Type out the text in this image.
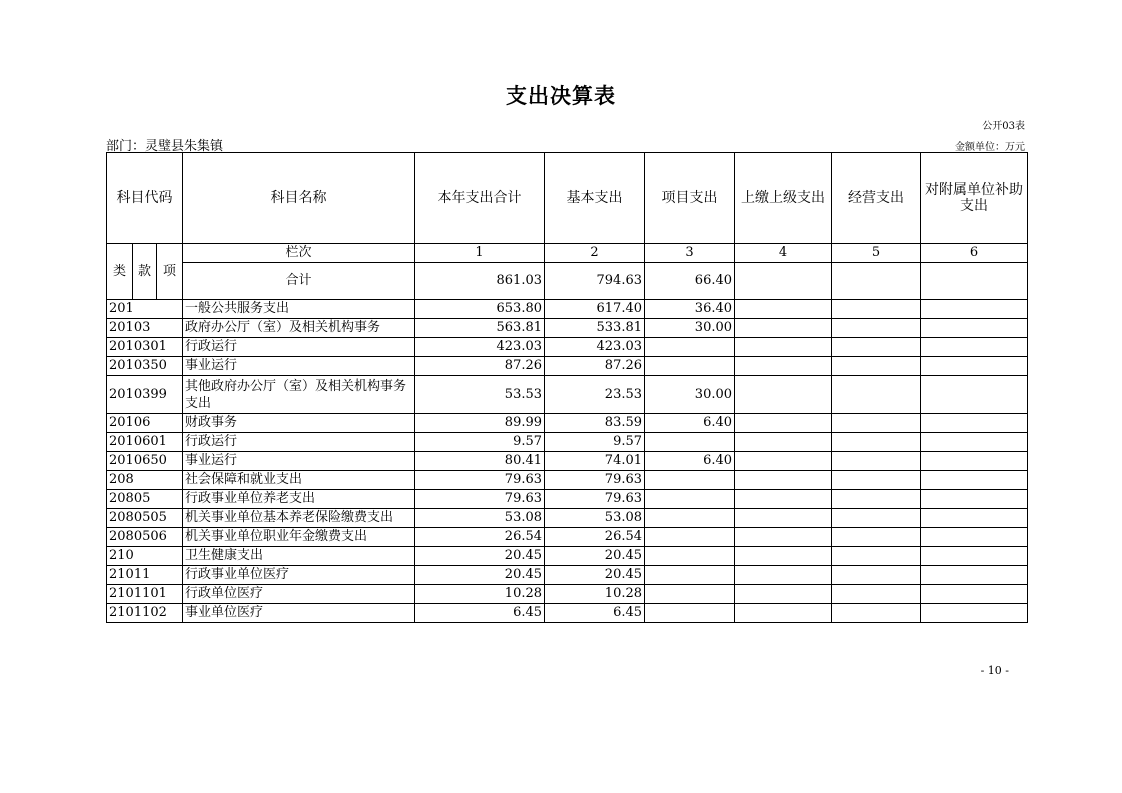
支出决算表
公开03表
部门：灵璧县朱集镇	金额单位：万元
科目代码			科目名称	本年支出合计	基本支出	项目支出	上缴上级支出	经营支出	对附属单位补助支出
类	款	项	栏次	1	2	3	4	5	6
			合计	861.03	794.63	66.40			
201			一般公共服务支出	653.80	617.40	36.40			
20103			政府办公厅（室）及相关机构事务	563.81	533.81	30.00			
2010301			行政运行	423.03	423.03				
2010350			事业运行	87.26	87.26				
2010399			其他政府办公厅（室）及相关机构事务支出	53.53	23.53	30.00			
20106			财政事务	89.99	83.59	6.40			
2010601			行政运行	9.57	9.57				
2010650			事业运行	80.41	74.01	6.40			
208			社会保障和就业支出	79.63	79.63				
20805			行政事业单位养老支出	79.63	79.63				
2080505			机关事业单位基本养老保险缴费支出	53.08	53.08				
2080506			机关事业单位职业年金缴费支出	26.54	26.54				
210			卫生健康支出	20.45	20.45				
21011			行政事业单位医疗	20.45	20.45				
2101101			行政单位医疗	10.28	10.28				
2101102			事业单位医疗	6.45	6.45				
- 10 -
